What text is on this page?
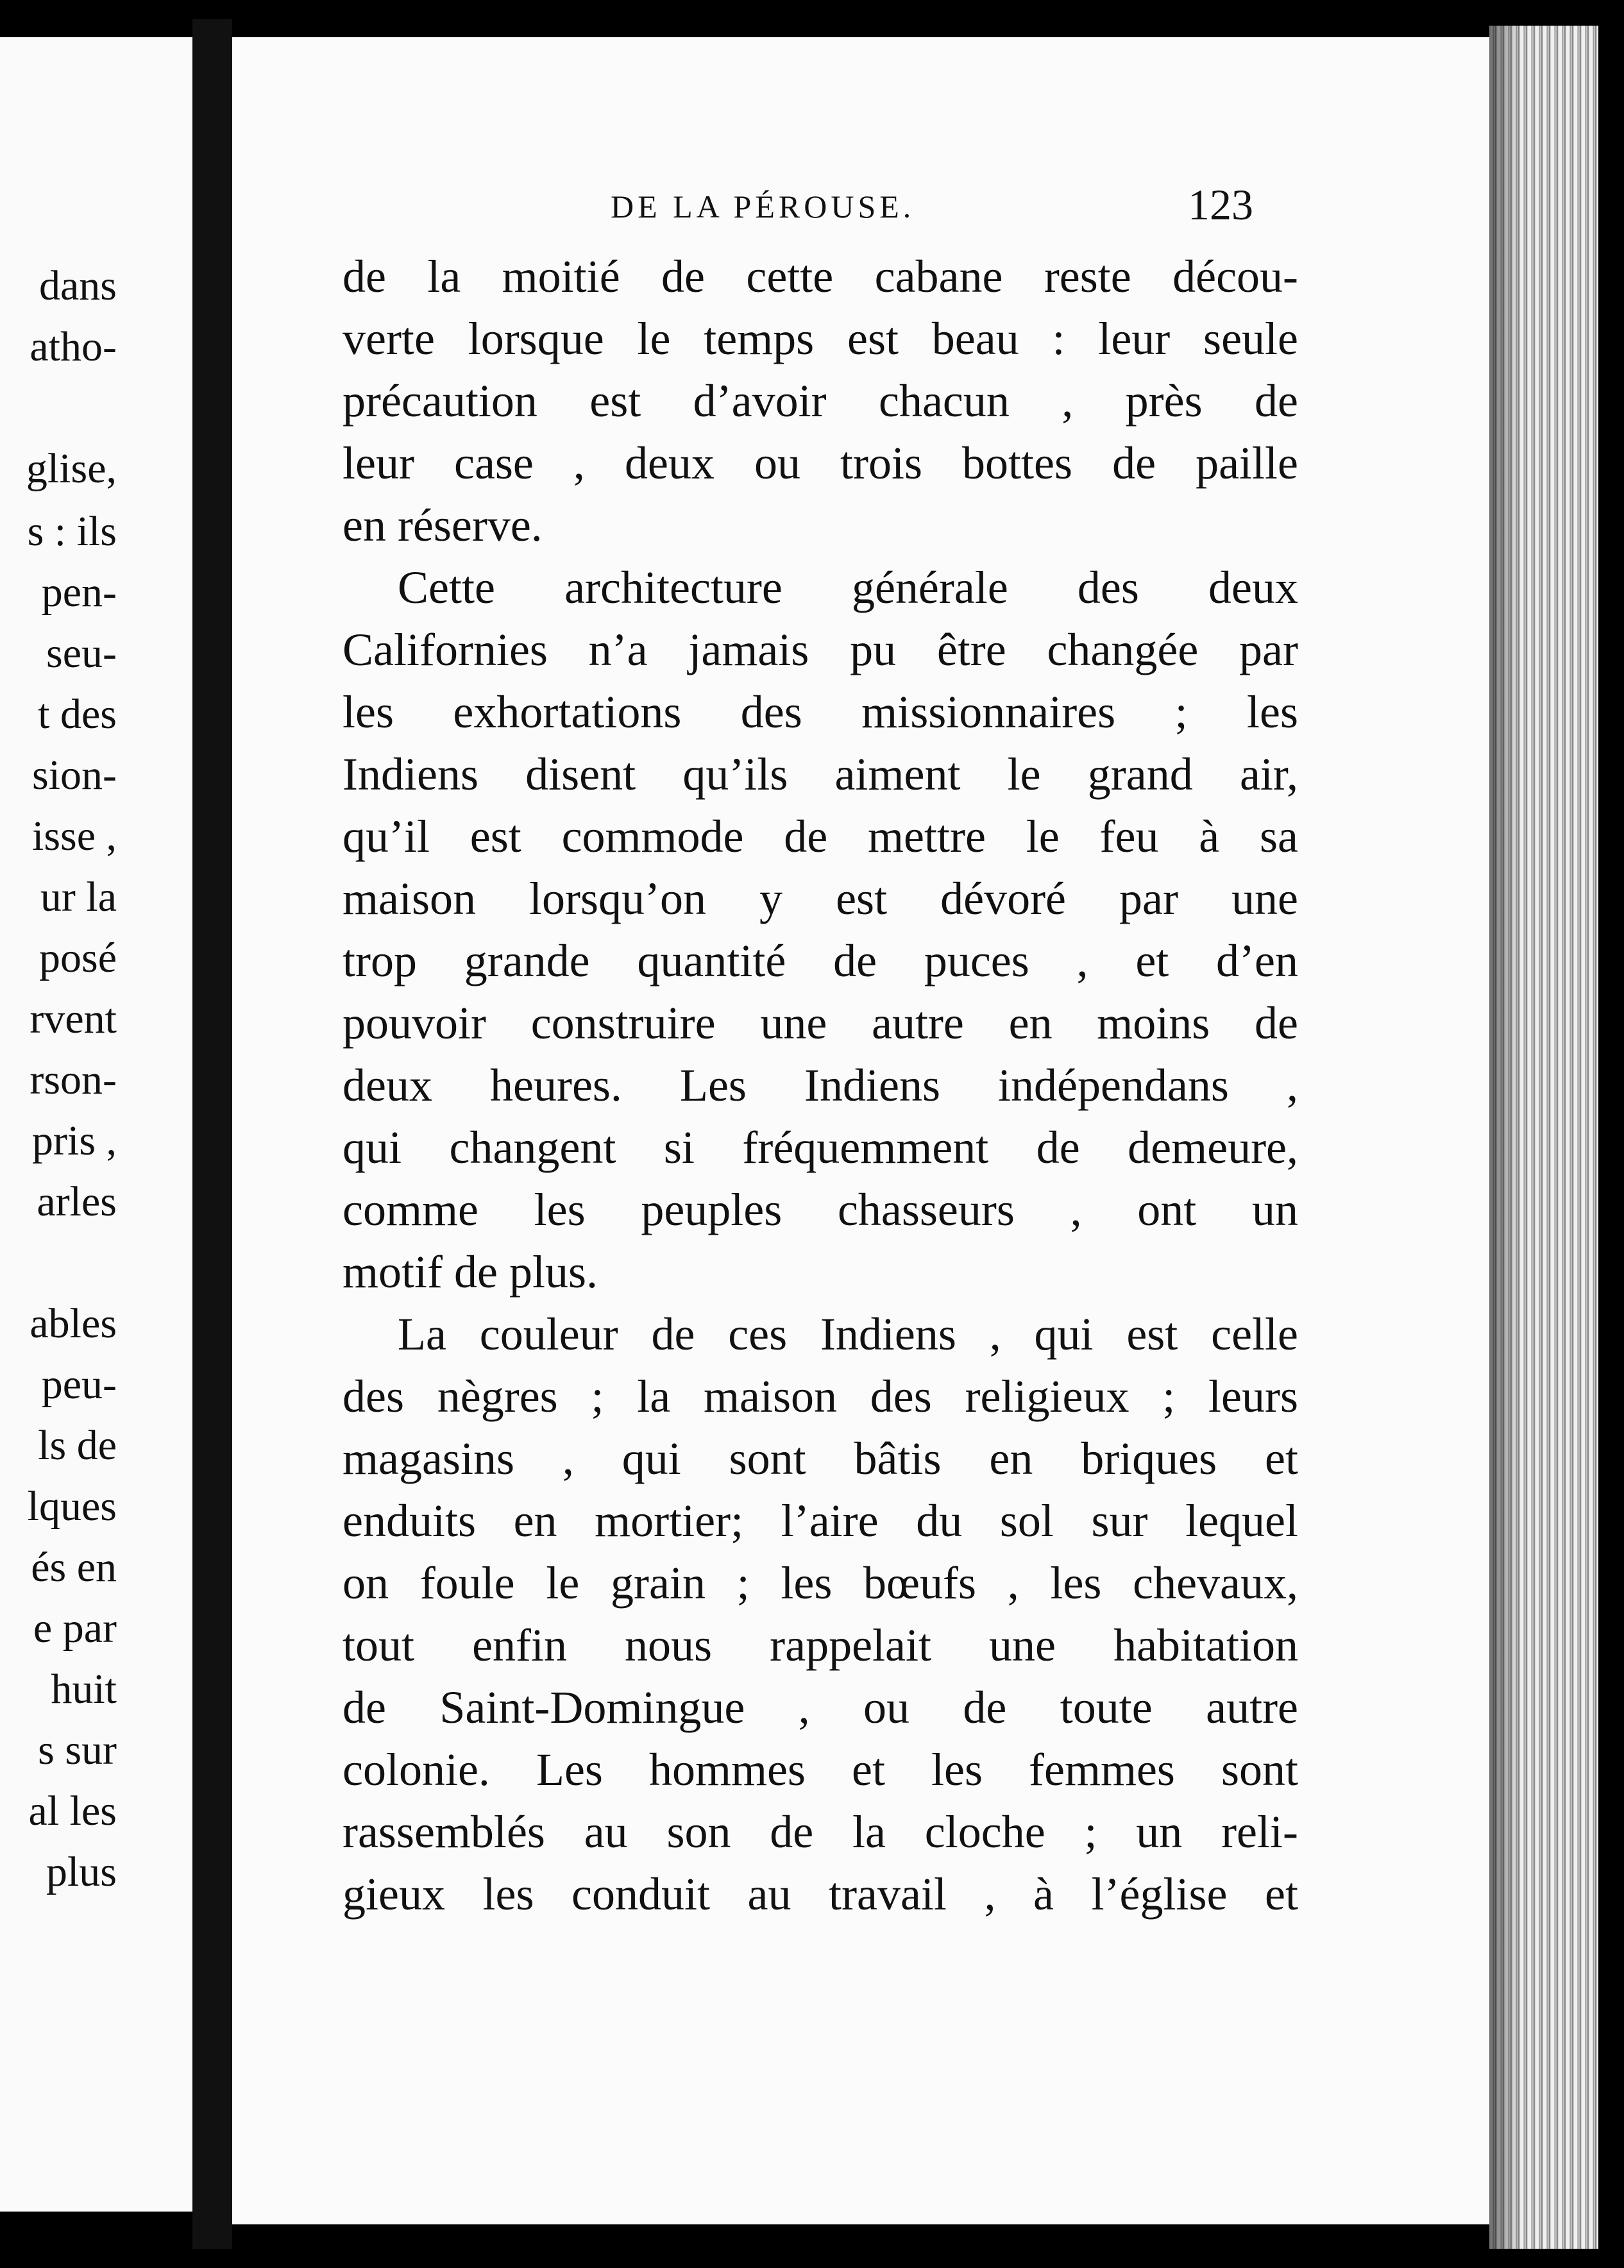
dans
atho-
glise,
s : ils
pen-
seu-
t des
sion-
isse ,
ur la
posé
rvent
rson-
pris ,
arles
ables
peu-
ls de
lques
és en
e par
huit
s sur
al les
plus
DE LA PÉROUSE.	123
de la moitié de cette cabane reste décou-
verte lorsque le temps est beau : leur seule
précaution est d’avoir chacun , près de
leur case , deux ou trois bottes de paille
en réserve.
Cette architecture générale des deux
Californies n’a jamais pu être changée par
les exhortations des missionnaires ; les
Indiens disent qu’ils aiment le grand air,
qu’il est commode de mettre le feu à sa
maison lorsqu’on y est dévoré par une
trop grande quantité de puces , et d’en
pouvoir construire une autre en moins de
deux heures. Les Indiens indépendans ,
qui changent si fréquemment de demeure,
comme les peuples chasseurs , ont un
motif de plus.
La couleur de ces Indiens , qui est celle
des nègres ; la maison des religieux ; leurs
magasins , qui sont bâtis en briques et
enduits en mortier; l’aire du sol sur lequel
on foule le grain ; les bœufs , les chevaux,
tout enfin nous rappelait une habitation
de Saint-Domingue , ou de toute autre
colonie. Les hommes et les femmes sont
rassemblés au son de la cloche ; un reli-
gieux les conduit au travail , à l’église et
